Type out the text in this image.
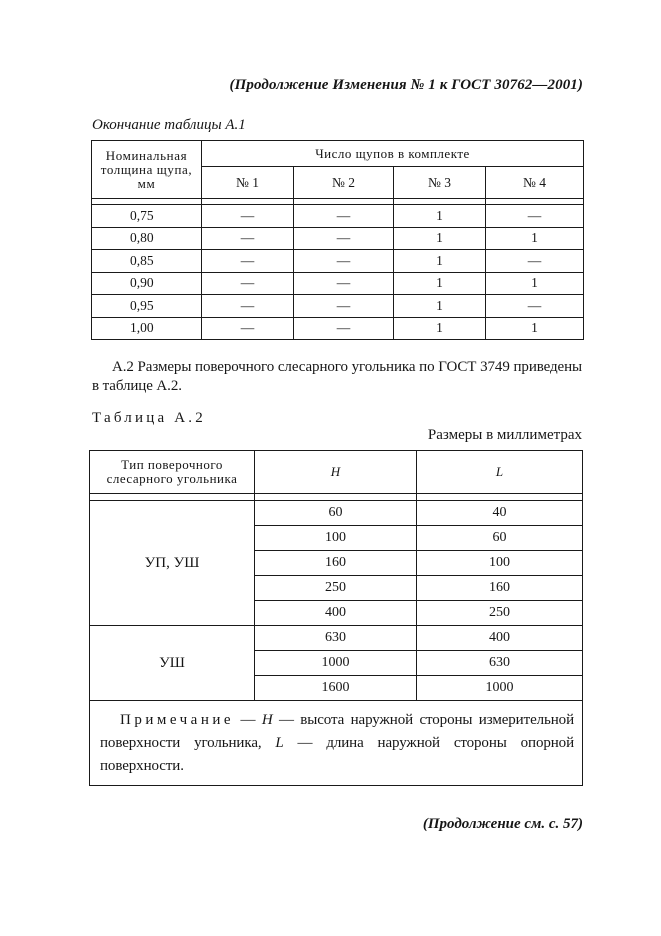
(Продолжение Изменения № 1 к ГОСТ 30762—2001)
Окончание таблицы А.1
Номинальная
толщина щупа,
мм	Число щупов в комплекте			
	№ 1	№ 2	№ 3	№ 4

0,75	—	—	1	—
0,80	—	—	1	1
0,85	—	—	1	—
0,90	—	—	1	1
0,95	—	—	1	—
1,00	—	—	1	1
А.2 Размеры поверочного слесарного угольника по ГОСТ 3749 приведены в таблице А.2.
Таблица А.2
Размеры в миллиметрах
Тип поверочного
слесарного угольника	H	L

УП, УШ	60	40
	100	60
	160	100
	250	160
	400	250
УШ	630	400
	1000	630
	1600	1000

Примечание — H — высота наружной стороны измерительной поверхности угольника, L — длина наружной стороны опорной поверхности.		
(Продолжение см. с. 57)
